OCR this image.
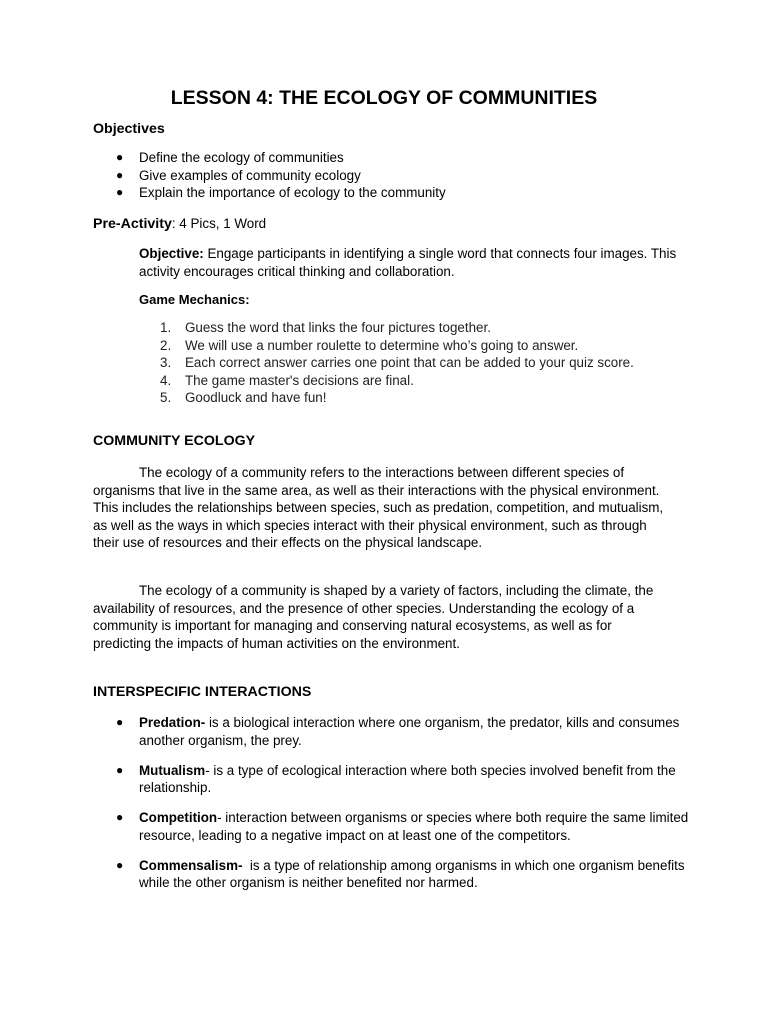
LESSON 4: THE ECOLOGY OF COMMUNITIES
Objectives
● Define the ecology of communities
● Give examples of community ecology
● Explain the importance of ecology to the community
Pre-Activity: 4 Pics, 1 Word

Objective: Engage participants in identifying a single word that connects four images. This activity encourages critical thinking and collaboration.

Game Mechanics:
1. Guess the word that links the four pictures together.
2. We will use a number roulette to determine who’s going to answer.
3. Each correct answer carries one point that can be added to your quiz score.
4. The game master's decisions are final.
5. Goodluck and have fun!
COMMUNITY ECOLOGY

The ecology of a community refers to the interactions between different species of organisms that live in the same area, as well as their interactions with the physical environment. This includes the relationships between species, such as predation, competition, and mutualism, as well as the ways in which species interact with their physical environment, such as through their use of resources and their effects on the physical landscape.

The ecology of a community is shaped by a variety of factors, including the climate, the availability of resources, and the presence of other species. Understanding the ecology of a community is important for managing and conserving natural ecosystems, as well as for predicting the impacts of human activities on the environment.

INTERSPECIFIC INTERACTIONS
● Predation- is a biological interaction where one organism, the predator, kills and consumes another organism, the prey.
● Mutualism- is a type of ecological interaction where both species involved benefit from the relationship.
● Competition- interaction between organisms or species where both require the same limited resource, leading to a negative impact on at least one of the competitors.
● Commensalism-  is a type of relationship among organisms in which one organism benefits while the other organism is neither benefited nor harmed.
